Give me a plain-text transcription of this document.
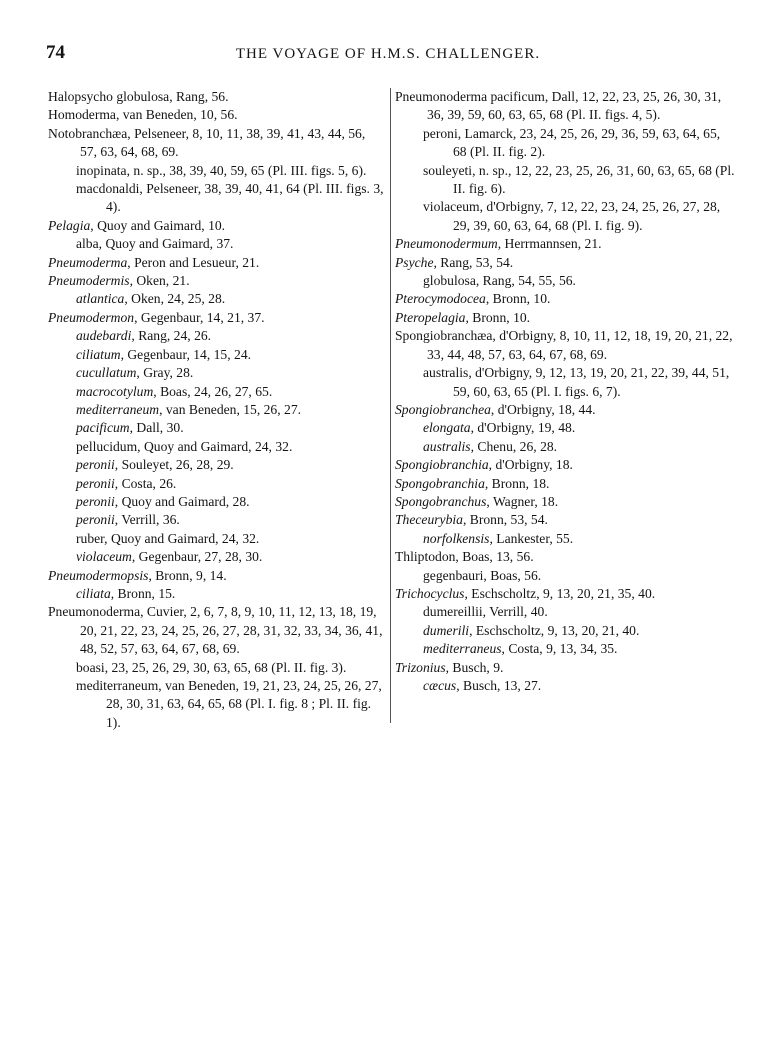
74	THE VOYAGE OF H.M.S. CHALLENGER.
Halopsycho globulosa, Rang, 56.
Homoderma, van Beneden, 10, 56.
Notobranchæa, Pelseneer, 8, 10, 11, 38, 39, 41, 43, 44, 56, 57, 63, 64, 68, 69.
inopinata, n. sp., 38, 39, 40, 59, 65 (Pl. III. figs. 5, 6).
macdonaldi, Pelseneer, 38, 39, 40, 41, 64 (Pl. III. figs. 3, 4).
Pelagia, Quoy and Gaimard, 10.
alba, Quoy and Gaimard, 37.
Pneumoderma, Peron and Lesueur, 21.
Pneumodermis, Oken, 21.
atlantica, Oken, 24, 25, 28.
Pneumodermon, Gegenbaur, 14, 21, 37.
audebardi, Rang, 24, 26.
ciliatum, Gegenbaur, 14, 15, 24.
cucullatum, Gray, 28.
macrocotylum, Boas, 24, 26, 27, 65.
mediterraneum, van Beneden, 15, 26, 27.
pacificum, Dall, 30.
pellucidum, Quoy and Gaimard, 24, 32.
peronii, Souleyet, 26, 28, 29.
peronii, Costa, 26.
peronii, Quoy and Gaimard, 28.
peronii, Verrill, 36.
ruber, Quoy and Gaimard, 24, 32.
violaceum, Gegenbaur, 27, 28, 30.
Pneumodermopsis, Bronn, 9, 14.
ciliata, Bronn, 15.
Pneumonoderma, Cuvier, 2, 6, 7, 8, 9, 10, 11, 12, 13, 18, 19, 20, 21, 22, 23, 24, 25, 26, 27, 28, 31, 32, 33, 34, 36, 41, 48, 52, 57, 63, 64, 67, 68, 69.
boasi, 23, 25, 26, 29, 30, 63, 65, 68 (Pl. II. fig. 3).
mediterraneum, van Beneden, 19, 21, 23, 24, 25, 26, 27, 28, 30, 31, 63, 64, 65, 68 (Pl. I. fig. 8 ; Pl. II. fig. 1).
Pneumonoderma pacificum, Dall, 12, 22, 23, 25, 26, 30, 31, 36, 39, 59, 60, 63, 65, 68 (Pl. II. figs. 4, 5).
peroni, Lamarck, 23, 24, 25, 26, 29, 36, 59, 63, 64, 65, 68 (Pl. II. fig. 2).
souleyeti, n. sp., 12, 22, 23, 25, 26, 31, 60, 63, 65, 68 (Pl. II. fig. 6).
violaceum, d'Orbigny, 7, 12, 22, 23, 24, 25, 26, 27, 28, 29, 39, 60, 63, 64, 68 (Pl. I. fig. 9).
Pneumonodermum, Herrmannsen, 21.
Psyche, Rang, 53, 54.
globulosa, Rang, 54, 55, 56.
Pterocymodocea, Bronn, 10.
Pteropelagia, Bronn, 10.
Spongiobranchæa, d'Orbigny, 8, 10, 11, 12, 18, 19, 20, 21, 22, 33, 44, 48, 57, 63, 64, 67, 68, 69.
australis, d'Orbigny, 9, 12, 13, 19, 20, 21, 22, 39, 44, 51, 59, 60, 63, 65 (Pl. I. figs. 6, 7).
Spongiobranchea, d'Orbigny, 18, 44.
elongata, d'Orbigny, 19, 48.
australis, Chenu, 26, 28.
Spongiobranchia, d'Orbigny, 18.
Spongobranchia, Bronn, 18.
Spongobranchus, Wagner, 18.
Theceurybia, Bronn, 53, 54.
norfolkensis, Lankester, 55.
Thliptodon, Boas, 13, 56.
gegenbauri, Boas, 56.
Trichocyclus, Eschscholtz, 9, 13, 20, 21, 35, 40.
dumereillii, Verrill, 40.
dumerili, Eschscholtz, 9, 13, 20, 21, 40.
mediterraneus, Costa, 9, 13, 34, 35.
Trizonius, Busch, 9.
cæcus, Busch, 13, 27.
